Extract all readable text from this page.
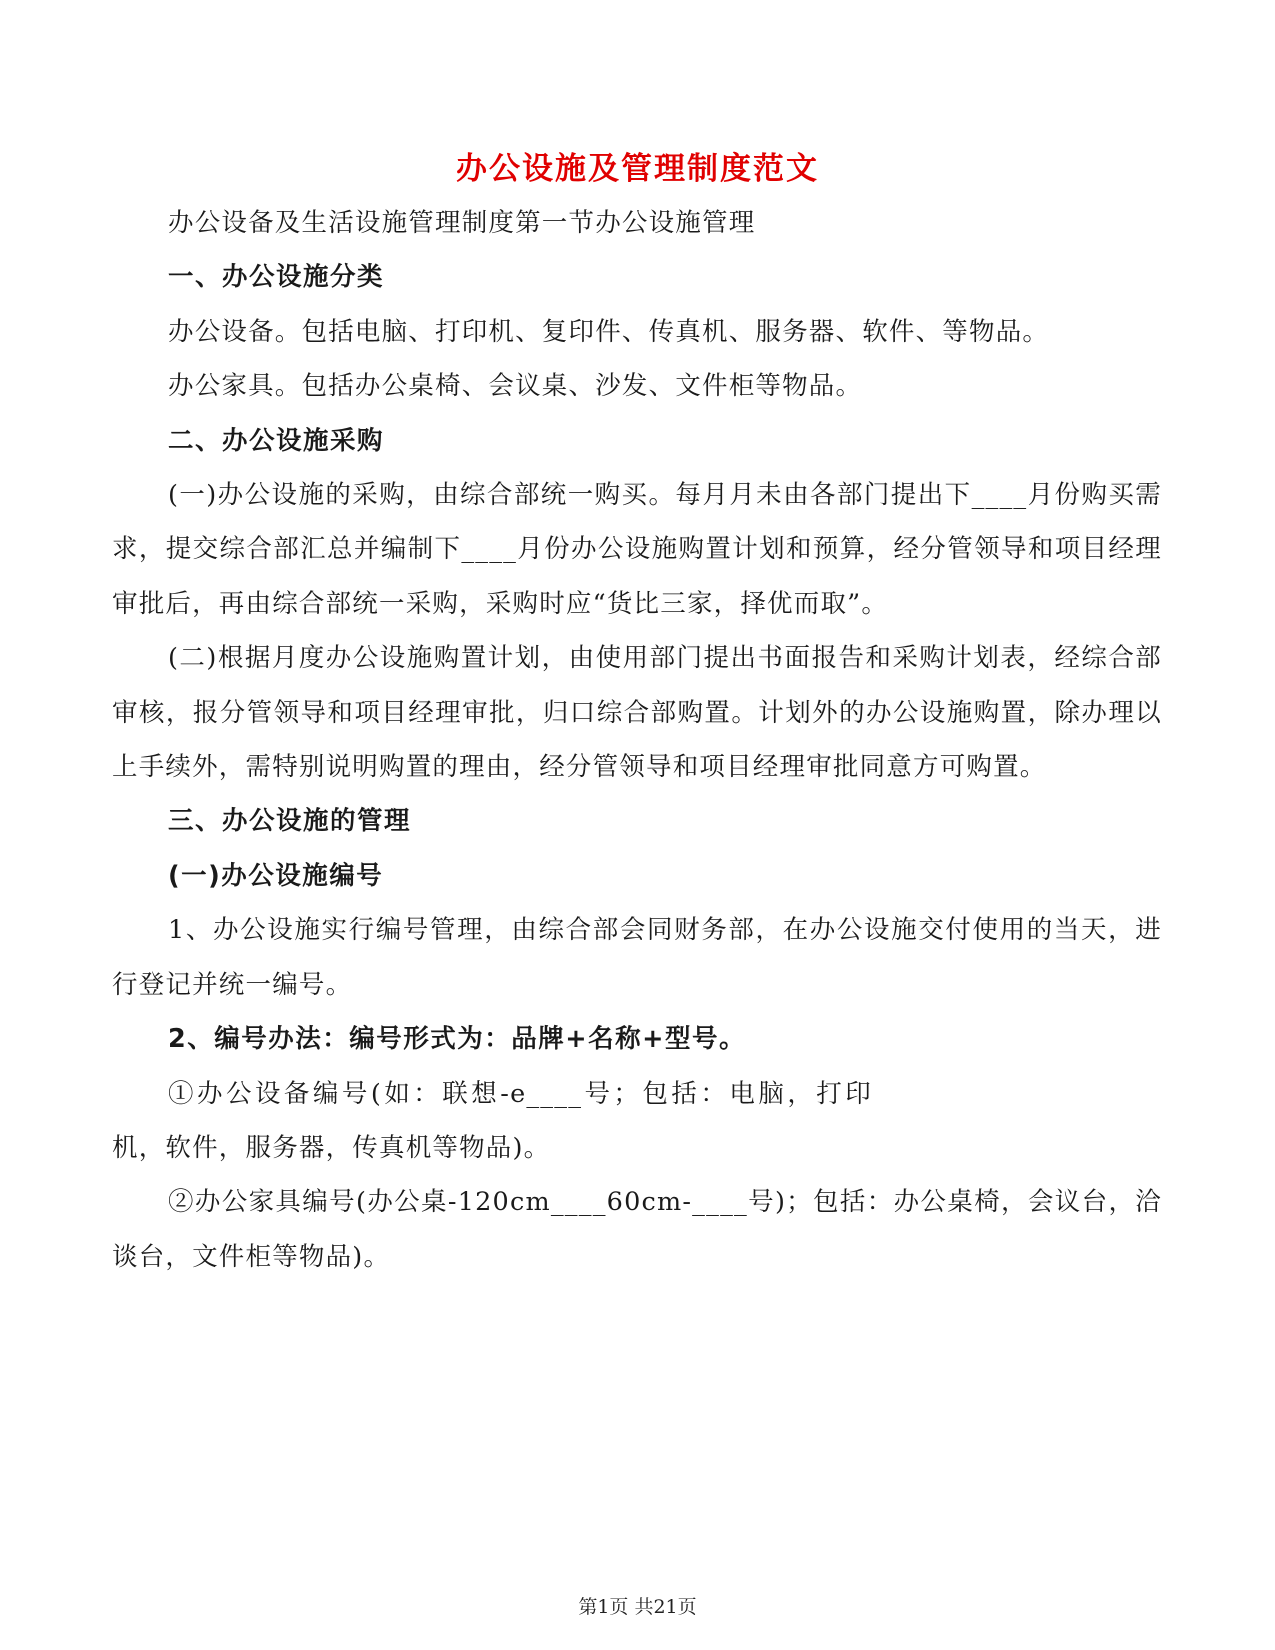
办公设施及管理制度范文

办公设备及生活设施管理制度第一节办公设施管理

一、办公设施分类

办公设备。包括电脑、打印机、复印件、传真机、服务器、软件、等物品。

办公家具。包括办公桌椅、会议桌、沙发、文件柜等物品。

二、办公设施采购

(一)办公设施的采购，由综合部统一购买。每月月未由各部门提出下____月份购买需求，提交综合部汇总并编制下____月份办公设施购置计划和预算，经分管领导和项目经理审批后，再由综合部统一采购，采购时应“货比三家，择优而取”。

(二)根据月度办公设施购置计划，由使用部门提出书面报告和采购计划表，经综合部审核，报分管领导和项目经理审批，归口综合部购置。计划外的办公设施购置，除办理以上手续外，需特别说明购置的理由，经分管领导和项目经理审批同意方可购置。

三、办公设施的管理

(一)办公设施编号

1、办公设施实行编号管理，由综合部会同财务部，在办公设施交付使用的当天，进行登记并统一编号。

2、编号办法：编号形式为：品牌+名称+型号。

①办公设备编号(如：联想-e____号；包括：电脑，打印机，软件，服务器，传真机等物品)。

②办公家具编号(办公桌-120cm____60cm-____号)；包括：办公桌椅，会议台，洽谈台，文件柜等物品)。

第1页 共21页
